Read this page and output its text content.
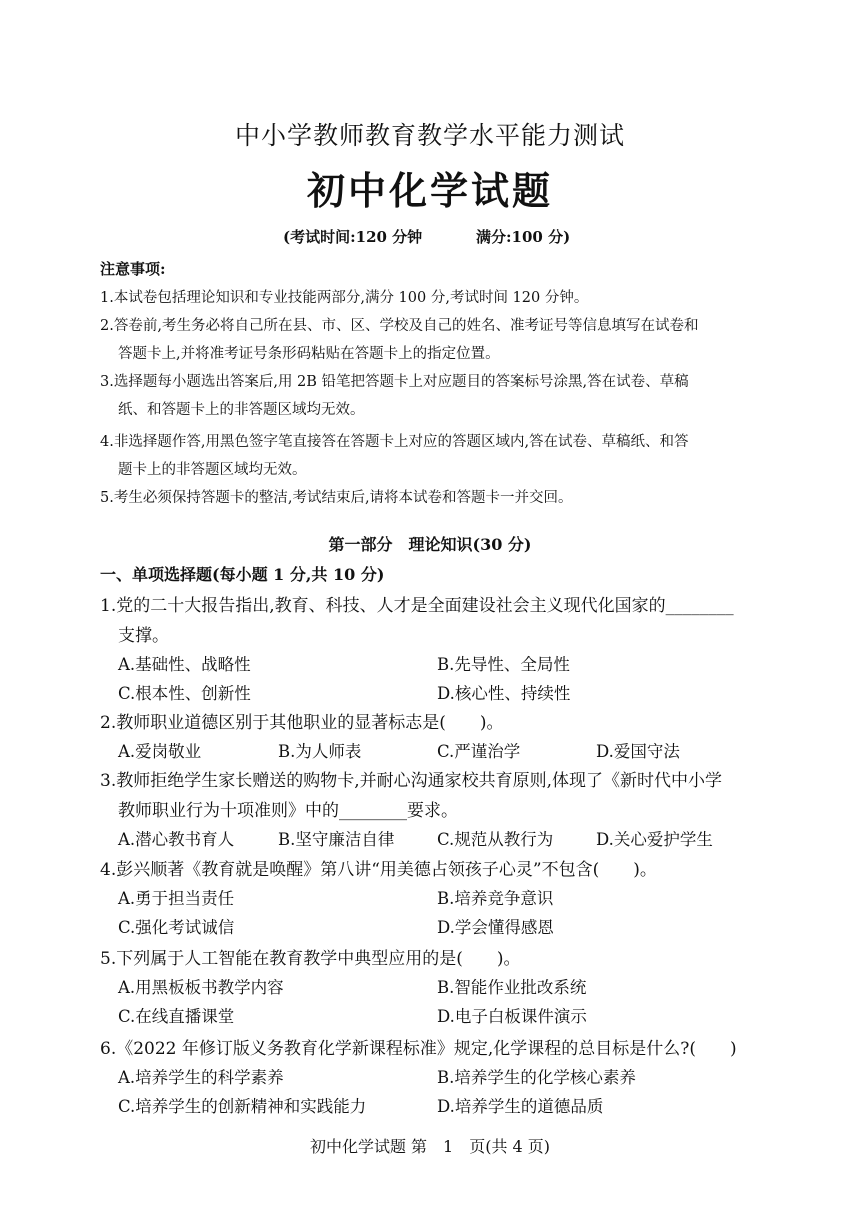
中小学教师教育教学水平能力测试
初中化学试题
(考试时间:120 分钟	满分:100 分)
注意事项:
1.本试卷包括理论知识和专业技能两部分,满分 100 分,考试时间 120 分钟。
2.答卷前,考生务必将自己所在县、市、区、学校及自己的姓名、准考证号等信息填写在试卷和
答题卡上,并将准考证号条形码粘贴在答题卡上的指定位置。
3.选择题每小题选出答案后,用 2B 铅笔把答题卡上对应题目的答案标号涂黑,答在试卷、草稿
纸、和答题卡上的非答题区域均无效。
4.非选择题作答,用黑色签字笔直接答在答题卡上对应的答题区域内,答在试卷、草稿纸、和答
题卡上的非答题区域均无效。
5.考生必须保持答题卡的整洁,考试结束后,请将本试卷和答题卡一并交回。
第一部分　理论知识(30 分)
一、单项选择题(每小题 1 分,共 10 分)
1.党的二十大报告指出,教育、科技、人才是全面建设社会主义现代化国家的________
支撑。
A.基础性、战略性	B.先导性、全局性
C.根本性、创新性	D.核心性、持续性
2.教师职业道德区别于其他职业的显著标志是(　　)。
A.爱岗敬业	B.为人师表	C.严谨治学	D.爱国守法
3.教师拒绝学生家长赠送的购物卡,并耐心沟通家校共育原则,体现了《新时代中小学
教师职业行为十项准则》中的________要求。
A.潜心教书育人	B.坚守廉洁自律	C.规范从教行为	D.关心爱护学生
4.彭兴顺著《教育就是唤醒》第八讲“用美德占领孩子心灵”不包含(　　)。
A.勇于担当责任	B.培养竞争意识
C.强化考试诚信	D.学会懂得感恩
5.下列属于人工智能在教育教学中典型应用的是(　　)。
A.用黑板板书教学内容	B.智能作业批改系统
C.在线直播课堂	D.电子白板课件演示
6.《2022 年修订版义务教育化学新课程标准》规定,化学课程的总目标是什么?(　　)
A.培养学生的科学素养	B.培养学生的化学核心素养
C.培养学生的创新精神和实践能力	D.培养学生的道德品质
初中化学试题 第　1　页(共 4 页)
